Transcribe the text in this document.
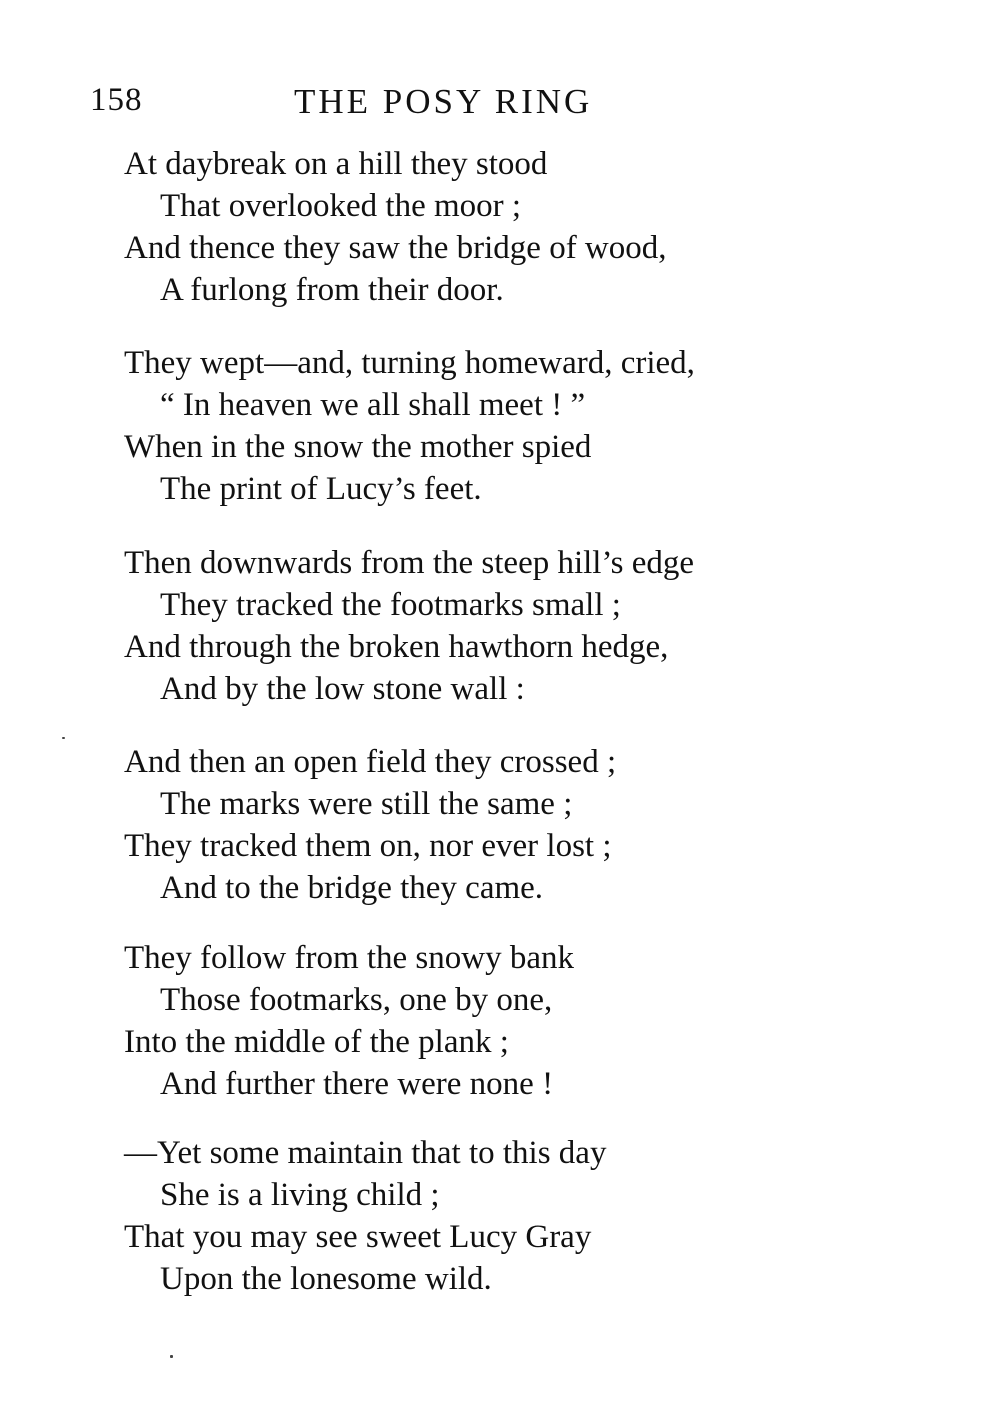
158	THE POSY RING
At daybreak on a hill they stood
That overlooked the moor ;
And thence they saw the bridge of wood,
A furlong from their door.
They wept—and, turning homeward, cried,
“ In heaven we all shall meet ! ”
When in the snow the mother spied
The print of Lucy’s feet.
Then downwards from the steep hill’s edge
They tracked the footmarks small ;
And through the broken hawthorn hedge,
And by the low stone wall :
And then an open field they crossed ;
The marks were still the same ;
They tracked them on, nor ever lost ;
And to the bridge they came.
They follow from the snowy bank
Those footmarks, one by one,
Into the middle of the plank ;
And further there were none !
—Yet some maintain that to this day
She is a living child ;
That you may see sweet Lucy Gray
Upon the lonesome wild.
